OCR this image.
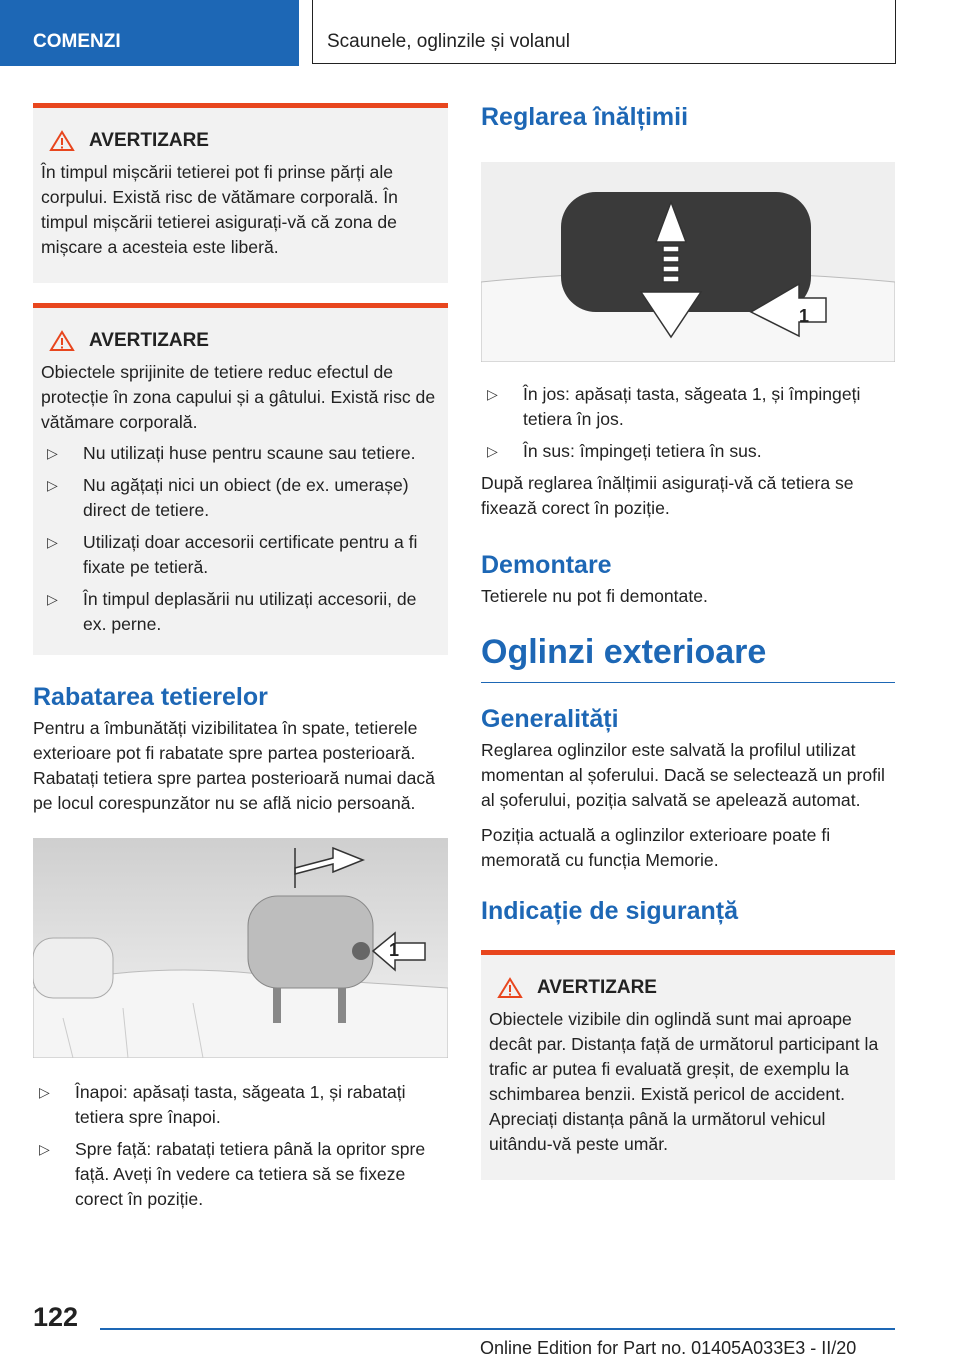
COMENZI	Scaunele, oglinzile și volanul
AVERTIZARE

În timpul mișcării tetierei pot fi prinse părți ale corpului. Există risc de vătămare corporală. În timpul mișcării tetierei asigurați-vă că zona de mișcare a acesteia este liberă.

AVERTIZARE

Obiectele sprijinite de tetiere reduc efectul de protecție în zona capului și a gâtului. Există risc de vătămare corporală.

▷ Nu utilizați huse pentru scaune sau tetiere.
▷ Nu agățați nici un obiect (de ex. umerașe) direct de tetiere.
▷ Utilizați doar accesorii certificate pentru a fi fixate pe tetieră.
▷ În timpul deplasării nu utilizați accesorii, de ex. perne.
Rabatarea tetierelor

Pentru a îmbunătăți vizibilitatea în spate, tetierele exterioare pot fi rabatate spre partea posterioară. Rabatați tetiera spre partea posterioară numai dacă pe locul corespunzător nu se află nicio persoană.

1
▷ Înapoi: apăsați tasta, săgeata 1, și rabatați tetiera spre înapoi.
▷ Spre față: rabatați tetiera până la opritor spre față. Aveți în vedere ca tetiera să se fixeze corect în poziție.
Reglarea înălțimii
1
▷ În jos: apăsați tasta, săgeata 1, și împingeți tetiera în jos.
▷ În sus: împingeți tetiera în sus.

După reglarea înălțimii asigurați-vă că tetiera se fixează corect în poziție.

Demontare

Tetierele nu pot fi demontate.

Oglinzi exterioare
Generalități

Reglarea oglinzilor este salvată la profilul utilizat momentan al șoferului. Dacă se selectează un profil al șoferului, poziția salvată se apelează automat.

Poziția actuală a oglinzilor exterioare poate fi memorată cu funcția Memorie.

Indicație de siguranță
AVERTIZARE

Obiectele vizibile din oglindă sunt mai aproape decât par. Distanța față de următorul participant la trafic ar putea fi evaluată greșit, de exemplu la schimbarea benzii. Există pericol de accident. Apreciați distanța până la următorul vehicul uitându-vă peste umăr.

122
Online Edition for Part no. 01405A033E3 - II/20
